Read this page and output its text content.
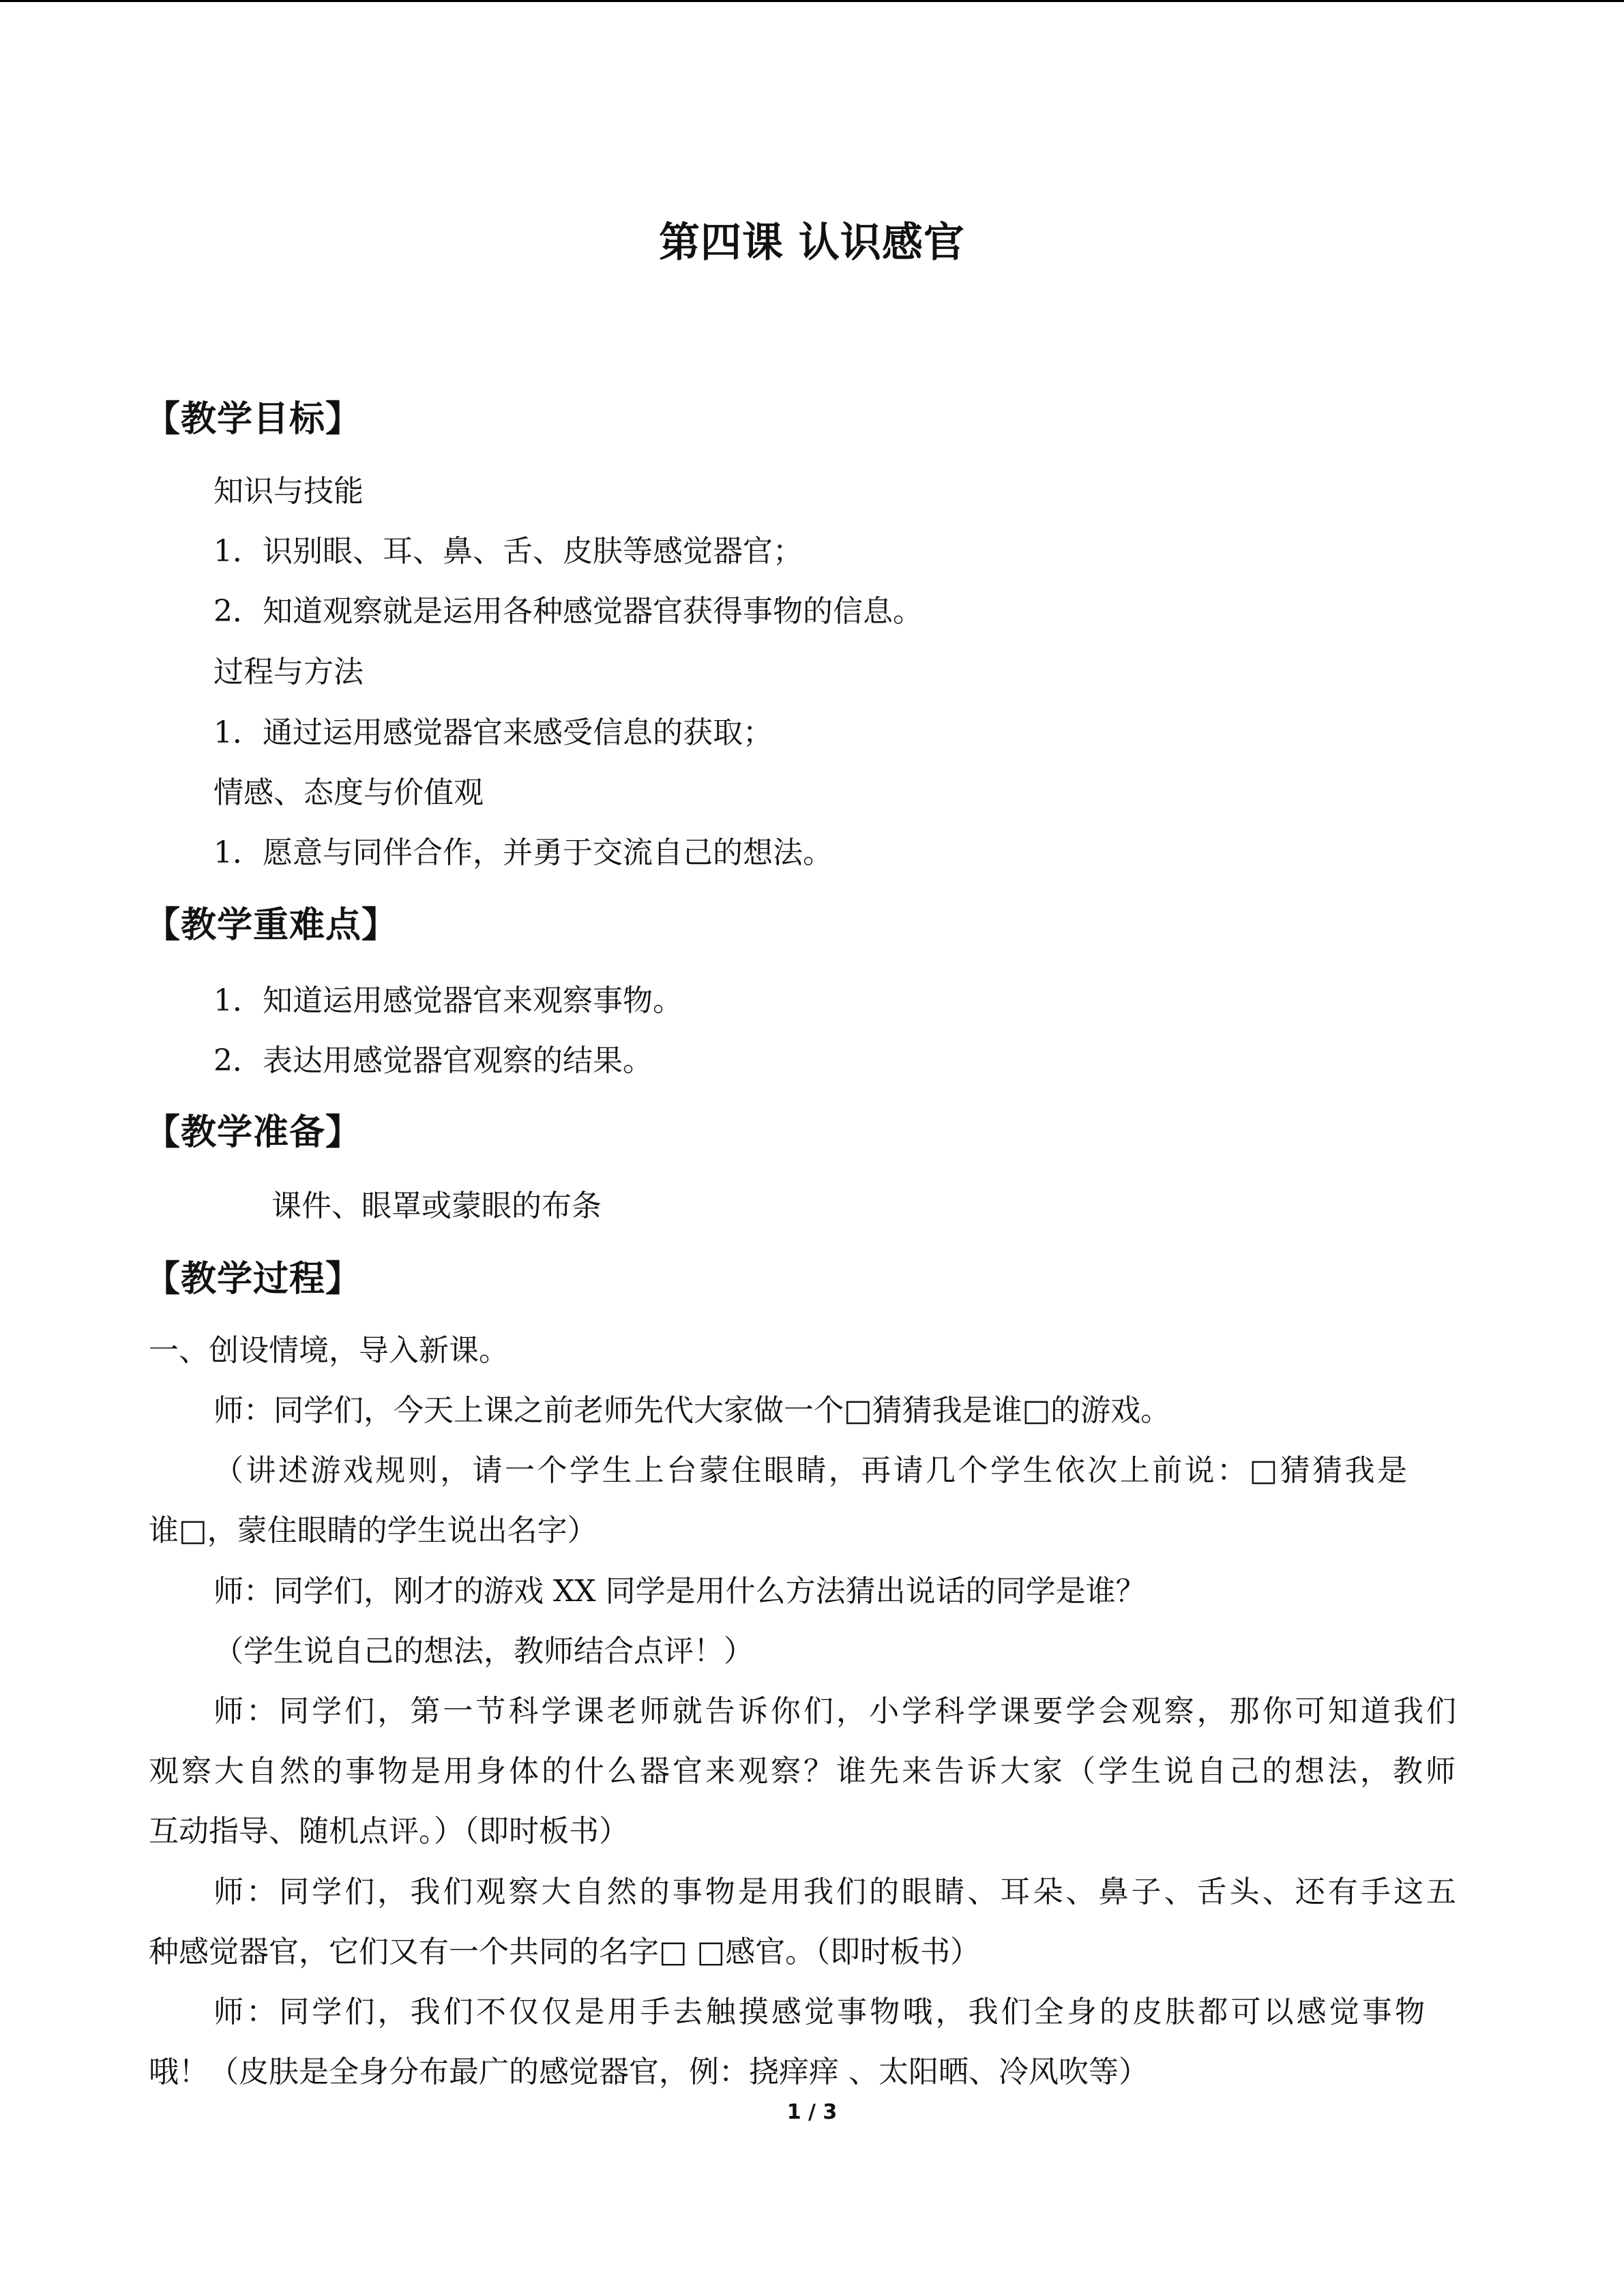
第四课 认识感官
【教学目标】
知识与技能
1．识别眼、耳、鼻、舌、皮肤等感觉器官；
2．知道观察就是运用各种感觉器官获得事物的信息。
过程与方法
1．通过运用感觉器官来感受信息的获取；
情感、态度与价值观
1．愿意与同伴合作，并勇于交流自己的想法。
【教学重难点】
1．知道运用感觉器官来观察事物。
2．表达用感觉器官观察的结果。
【教学准备】
课件、眼罩或蒙眼的布条
【教学过程】
一、创设情境，导入新课。
师：同学们，今天上课之前老师先代大家做一个□猜猜我是谁□的游戏。
（讲述游戏规则，请一个学生上台蒙住眼睛，再请几个学生依次上前说：□猜猜我是
谁□，蒙住眼睛的学生说出名字）
师：同学们，刚才的游戏 XX 同学是用什么方法猜出说话的同学是谁？
（学生说自己的想法，教师结合点评！）
师：同学们，第一节科学课老师就告诉你们，小学科学课要学会观察，那你可知道我们
观察大自然的事物是用身体的什么器官来观察？谁先来告诉大家（学生说自己的想法，教师
互动指导、随机点评。）（即时板书）
师：同学们，我们观察大自然的事物是用我们的眼睛、耳朵、鼻子、舌头、还有手这五
种感觉器官，它们又有一个共同的名字□ □感官。（即时板书）
师：同学们，我们不仅仅是用手去触摸感觉事物哦，我们全身的皮肤都可以感觉事物
哦！（皮肤是全身分布最广的感觉器官，例：挠痒痒 、太阳晒、冷风吹等）
1 / 3
